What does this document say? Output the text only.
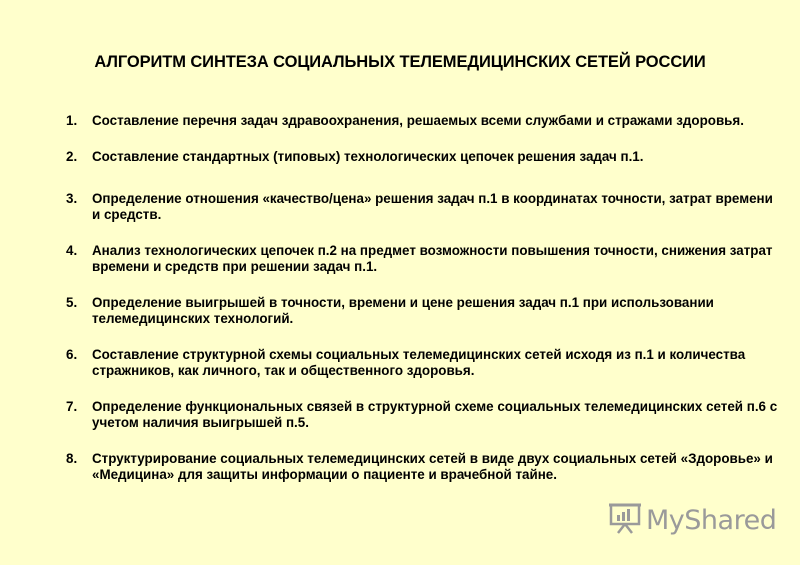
АЛГОРИТМ СИНТЕЗА СОЦИАЛЬНЫХ ТЕЛЕМЕДИЦИНСКИХ СЕТЕЙ РОССИИ
1. Составление перечня задач здравоохранения, решаемых всеми службами и стражами здоровья.
2. Составление стандартных (типовых) технологических цепочек решения задач п.1.
3. Определение отношения «качество/цена» решения задач п.1 в координатах точности, затрат времени и средств.
4. Анализ технологических цепочек п.2 на предмет возможности повышения точности, снижения затрат времени и средств при решении задач п.1.
5. Определение выигрышей в точности, времени и цене решения задач п.1 при использовании телемедицинских технологий.
6. Составление структурной схемы социальных телемедицинских сетей исходя из п.1 и количества стражников, как личного, так и общественного здоровья.
7. Определение функциональных связей в структурной схеме социальных телемедицинских сетей п.6 с учетом наличия выигрышей п.5.
8. Структурирование социальных телемедицинских сетей в виде двух социальных сетей «Здоровье» и «Медицина» для защиты информации о пациенте и врачебной тайне.
MyShared
